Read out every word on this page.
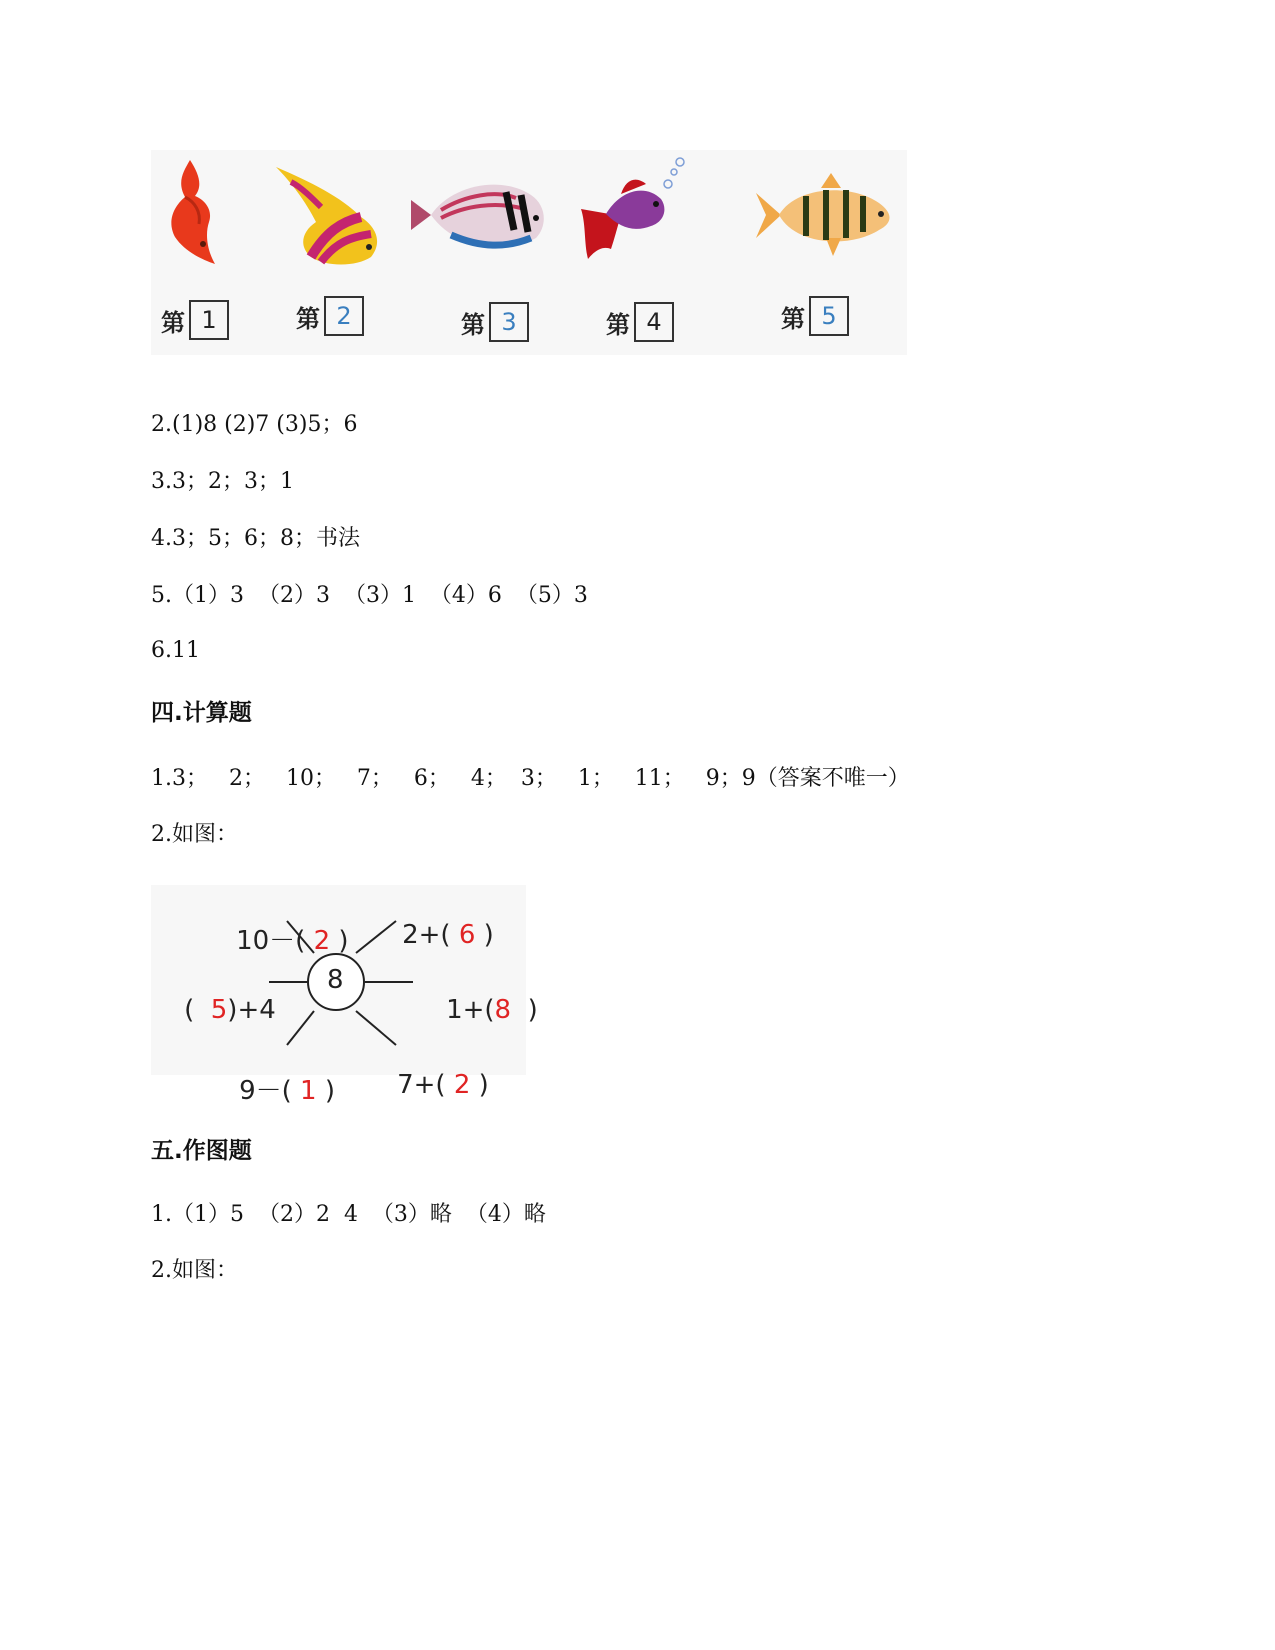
第 1	第 2	第 3	第 4	第 5
2.(1)8 (2)7 (3)5；6
3.3；2；3；1
4.3；5；6；8；书法
5.（1）3  （2）3  （3）1  （4）6  （5）3
6.11
四.计算题
1.3；   2；   10；   7；   6；   4；  3；   1；   11；   9；9（答案不唯一）
2.如图：
8

10－( 2 )
	2+( 6 )

( 5)+4
	1+(8 )

9－( 1 )
	7+( 2 )

五.作图题
1.（1）5  （2）2  4  （3）略  （4）略
2.如图：
